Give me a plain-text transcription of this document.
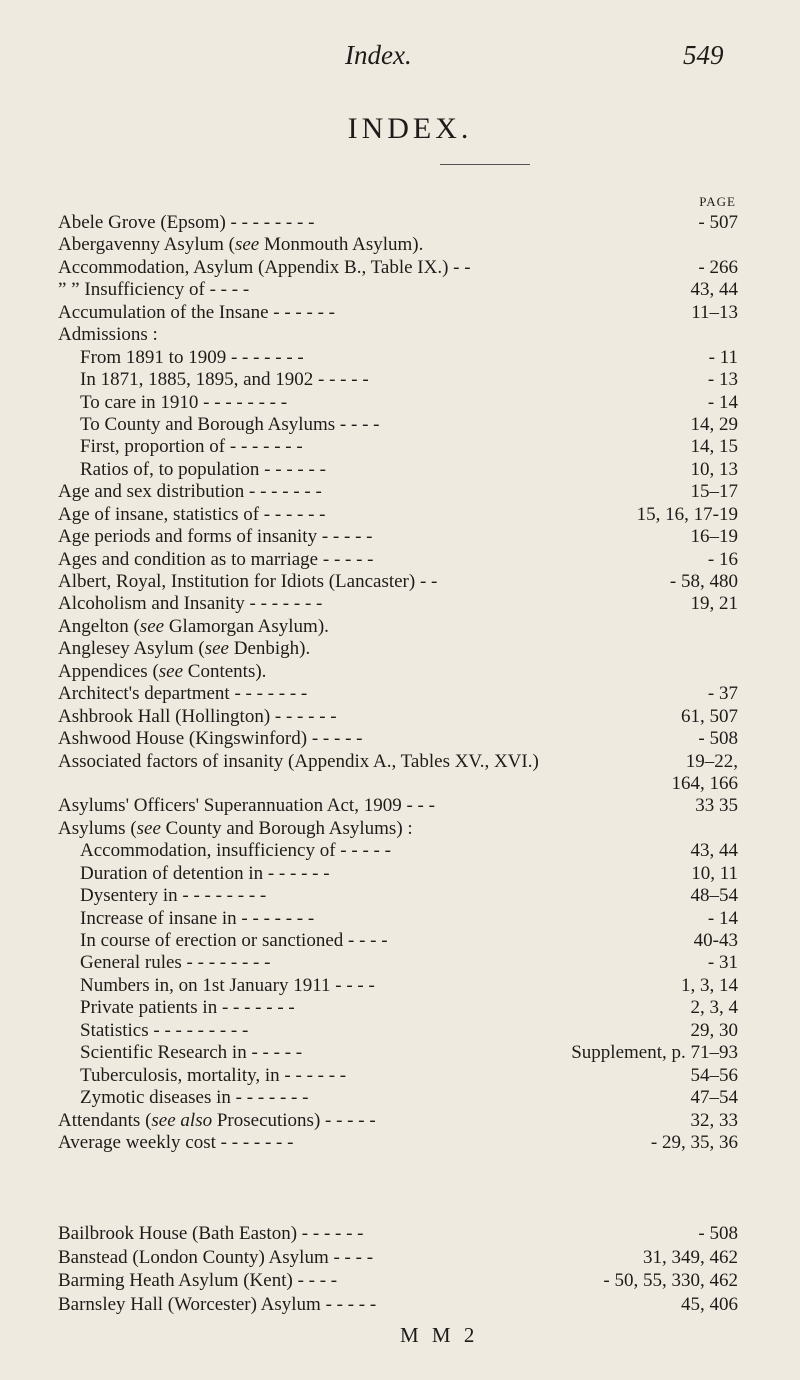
Index.	549
INDEX.
PAGE
Abele Grove (Epsom) - - - - - - - -	- 507
Abergavenny Asylum (see Monmouth Asylum).
Accommodation, Asylum (Appendix B., Table IX.) - -	- 266
” ” Insufficiency of - - - -	43, 44
Accumulation of the Insane - - - - - -	11–13
Admissions :
From 1891 to 1909 - - - - - - -	- 11
In 1871, 1885, 1895, and 1902 - - - - -	- 13
To care in 1910 - - - - - - - -	- 14
To County and Borough Asylums - - - -	14, 29
First, proportion of - - - - - - -	14, 15
Ratios of, to population - - - - - -	10, 13
Age and sex distribution - - - - - - -	15–17
Age of insane, statistics of - - - - - -	15, 16, 17-19
Age periods and forms of insanity - - - - -	16–19
Ages and condition as to marriage - - - - -	- 16
Albert, Royal, Institution for Idiots (Lancaster) - -	- 58, 480
Alcoholism and Insanity - - - - - - -	19, 21
Angelton (see Glamorgan Asylum).
Anglesey Asylum (see Denbigh).
Appendices (see Contents).
Architect's department - - - - - - -	- 37
Ashbrook Hall (Hollington) - - - - - -	61, 507
Ashwood House (Kingswinford) - - - - -	- 508
Associated factors of insanity (Appendix A., Tables XV., XVI.)	19–22,
164, 166
Asylums' Officers' Superannuation Act, 1909 - - -	33 35
Asylums (see County and Borough Asylums) :
Accommodation, insufficiency of - - - - -	43, 44
Duration of detention in - - - - - -	10, 11
Dysentery in - - - - - - - -	48–54
Increase of insane in - - - - - - -	- 14
In course of erection or sanctioned - - - -	40-43
General rules - - - - - - - -	- 31
Numbers in, on 1st January 1911 - - - -	1, 3, 14
Private patients in - - - - - - -	2, 3, 4
Statistics - - - - - - - - -	29, 30
Scientific Research in - - - - -	Supplement, p. 71–93
Tuberculosis, mortality, in - - - - - -	54–56
Zymotic diseases in - - - - - - -	47–54
Attendants (see also Prosecutions) - - - - -	32, 33
Average weekly cost - - - - - - -	- 29, 35, 36
Bailbrook House (Bath Easton) - - - - - -	- 508
Banstead (London County) Asylum - - - -	31, 349, 462
Barming Heath Asylum (Kent) - - - -	- 50, 55, 330, 462
Barnsley Hall (Worcester) Asylum - - - - -	45, 406
M M 2
